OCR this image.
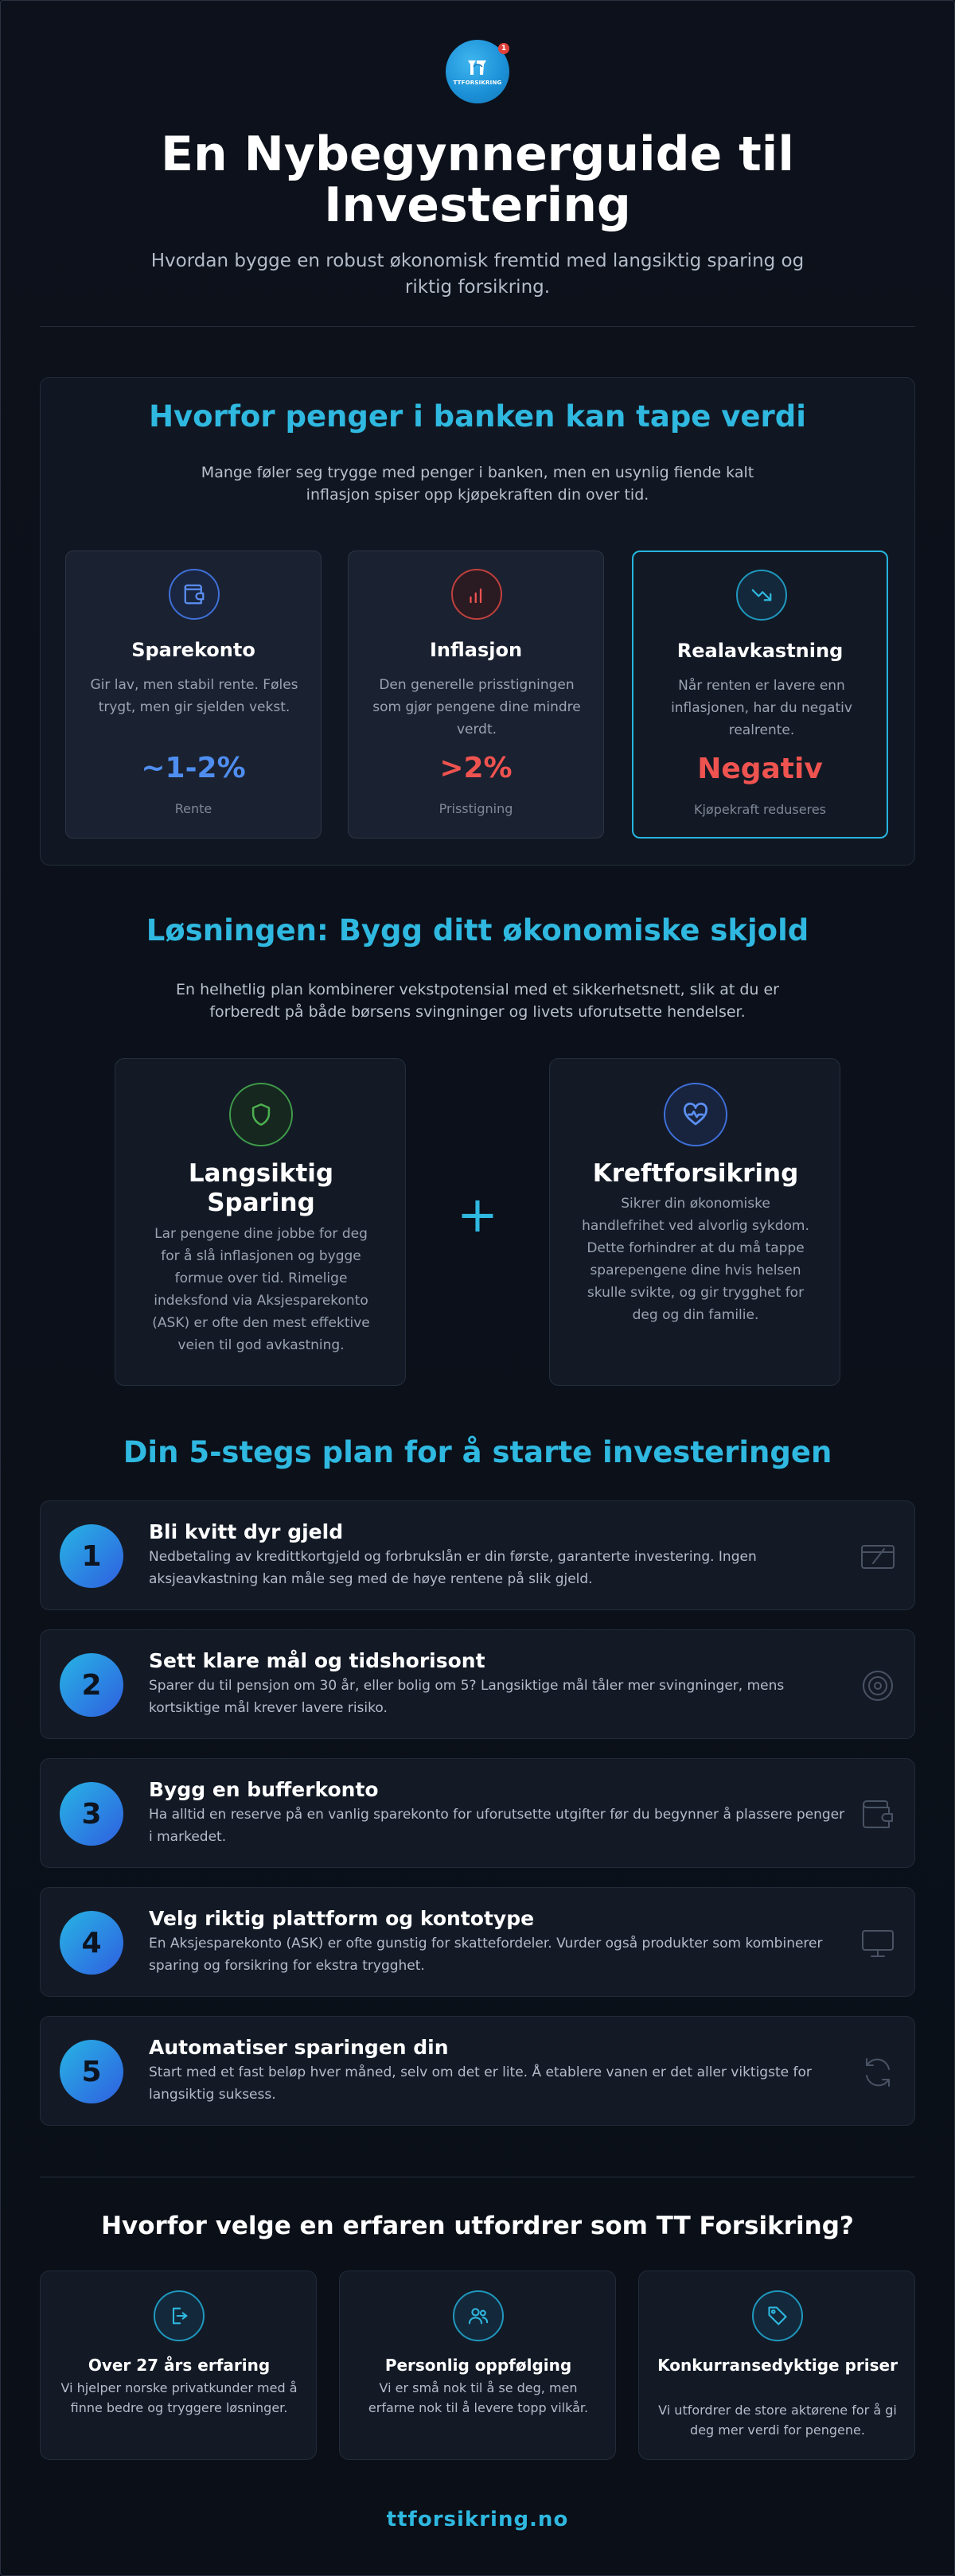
TTFORSIKRING
1
En Nybegynnerguide til Investering

Hvordan bygge en robust økonomisk fremtid med langsiktig sparing og riktig forsikring.

Hvorfor penger i banken kan tape verdi

Mange føler seg trygge med penger i banken, men en usynlig fiende kalt inflasjon spiser opp kjøpekraften din over tid.

Sparekonto
Gir lav, men stabil rente. Føles trygt, men gir sjelden vekst.
~1-2%
Rente
Inflasjon
Den generelle prisstigningen som gjør pengene dine mindre verdt.
>2%
Prisstigning
Realavkastning
Når renten er lavere enn inflasjonen, har du negativ realrente.
Negativ
Kjøpekraft reduseres
Løsningen: Bygg ditt økonomiske skjold

En helhetlig plan kombinerer vekstpotensial med et sikkerhetsnett, slik at du er forberedt på både børsens svingninger og livets uforutsette hendelser.

Langsiktig Sparing
Lar pengene dine jobbe for deg for å slå inflasjonen og bygge formue over tid. Rimelige indeksfond via Aksjesparekonto (ASK) er ofte den mest effektive veien til god avkastning.
+
Kreftforsikring
Sikrer din økonomiske handlefrihet ved alvorlig sykdom. Dette forhindrer at du må tappe sparepengene dine hvis helsen skulle svikte, og gir trygghet for deg og din familie.
Din 5-stegs plan for å starte investeringen
1
Bli kvitt dyr gjeld
Nedbetaling av kredittkortgjeld og forbrukslån er din første, garanterte investering. Ingen aksjeavkastning kan måle seg med de høye rentene på slik gjeld.
2
Sett klare mål og tidshorisont
Sparer du til pensjon om 30 år, eller bolig om 5? Langsiktige mål tåler mer svingninger, mens kortsiktige mål krever lavere risiko.
3
Bygg en bufferkonto
Ha alltid en reserve på en vanlig sparekonto for uforutsette utgifter før du begynner å plassere penger i markedet.
4
Velg riktig plattform og kontotype
En Aksjesparekonto (ASK) er ofte gunstig for skattefordeler. Vurder også produkter som kombinerer sparing og forsikring for ekstra trygghet.
5
Automatiser sparingen din
Start med et fast beløp hver måned, selv om det er lite. Å etablere vanen er det aller viktigste for langsiktig suksess.
Hvorfor velge en erfaren utfordrer som TT Forsikring?
Over 27 års erfaring
Vi hjelper norske privatkunder med å finne bedre og tryggere løsninger.
Personlig oppfølging
Vi er små nok til å se deg, men erfarne nok til å levere topp vilkår.
Konkurransedyktige priser
Vi utfordrer de store aktørene for å gi deg mer verdi for pengene.
ttforsikring.no
